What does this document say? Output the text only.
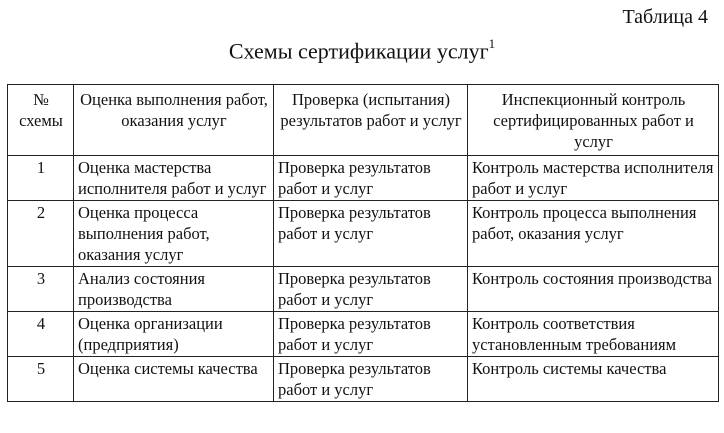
Таблица 4
Схемы сертификации услуг$^1$
№ схемы	Оценка выполнения работ, оказания услуг	Проверка (испытания) результатов работ и услуг	Инспекционный контроль сертифицированных работ и услуг
1	Оценка мастерства исполнителя работ и услуг	Проверка результатов работ и услуг	Контроль мастерства исполнителя работ и услуг
2	Оценка процесса выполнения работ, оказания услуг	Проверка результатов работ и услуг	Контроль процесса выполнения работ, оказания услуг
3	Анализ состояния производства	Проверка результатов работ и услуг	Контроль состояния производства
4	Оценка организации (предприятия)	Проверка результатов работ и услуг	Контроль соответствия установленным требованиям
5	Оценка системы качества	Проверка результатов работ и услуг	Контроль системы качества
